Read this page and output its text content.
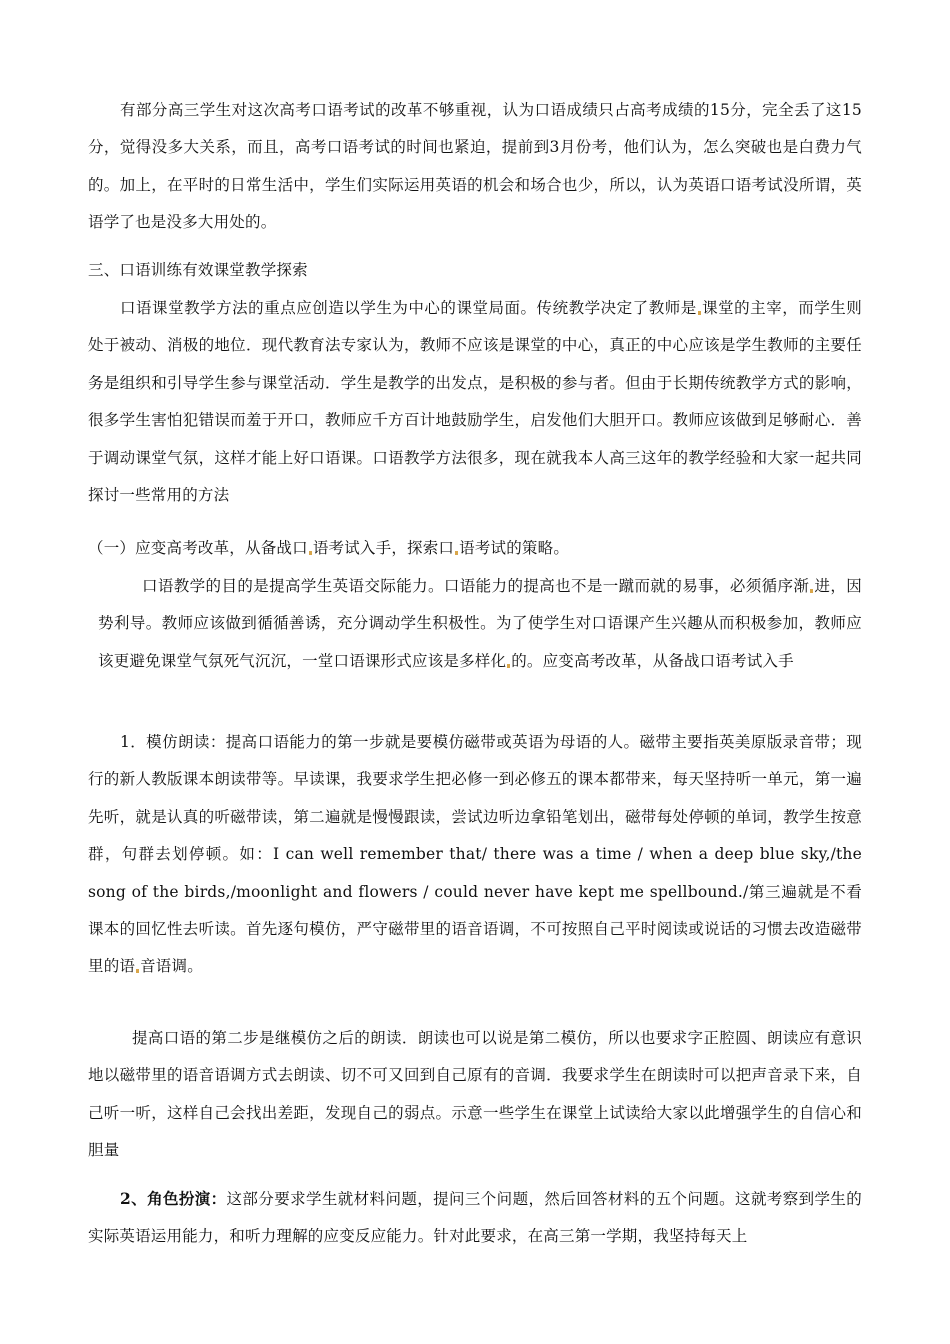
有部分高三学生对这次高考口语考试的改革不够重视，认为口语成绩只占高考成绩的15分，完全丢了这15分，觉得没多大关系，而且，高考口语考试的时间也紧迫，提前到3月份考，他们认为，怎么突破也是白费力气的。加上，在平时的日常生活中，学生们实际运用英语的机会和场合也少，所以，认为英语口语考试没所谓，英语学了也是没多大用处的。

三、口语训练有效课堂教学探索

口语课堂教学方法的重点应创造以学生为中心的课堂局面。传统教学决定了教师是 课堂的主宰，而学生则处于被动、消极的地位．现代教育法专家认为，教师不应该是课堂的中心，真正的中心应该是学生教师的主要任务是组织和引导学生参与课堂活动．学生是教学的出发点，是积极的参与者。但由于长期传统教学方式的影响，很多学生害怕犯错误而羞于开口，教师应千方百计地鼓励学生，启发他们大胆开口。教师应该做到足够耐心．善于调动课堂气氛，这样才能上好口语课。口语教学方法很多，现在就我本人高三这年的教学经验和大家一起共同探讨一些常用的方法

（一）应变高考改革，从备战口 语考试入手，探索口 语考试的策略。

口语教学的目的是提高学生英语交际能力。口语能力的提高也不是一蹴而就的易事，必须循序渐 进，因势利导。教师应该做到循循善诱，充分调动学生积极性。为了使学生对口语课产生兴趣从而积极参加，教师应该更避免课堂气氛死气沉沉，一堂口语课形式应该是多样化 的。应变高考改革，从备战口语考试入手

1．模仿朗读：提高口语能力的第一步就是要模仿磁带或英语为母语的人。磁带主要指英美原版录音带；现行的新人教版课本朗读带等。早读课，我要求学生把必修一到必修五的课本都带来，每天坚持听一单元，第一遍先听，就是认真的听磁带读，第二遍就是慢慢跟读，尝试边听边拿铅笔划出，磁带每处停顿的单词，教学生按意群，句群去划停顿。如：I can well remember that/ there was a time / when a deep blue sky,/the song of the birds,/moonlight and flowers / could never have kept me spellbound./第三遍就是不看课本的回忆性去听读。首先逐句模仿，严守磁带里的语音语调，不可按照自己平时阅读或说话的习惯去改造磁带里的语 音语调。

提高口语的第二步是继模仿之后的朗读．朗读也可以说是第二模仿，所以也要求字正腔圆、朗读应有意识地以磁带里的语音语调方式去朗读、切不可又回到自己原有的音调．我要求学生在朗读时可以把声音录下来，自己听一听，这样自己会找出差距，发现自己的弱点。示意一些学生在课堂上试读给大家以此增强学生的自信心和胆量

2、角色扮演：这部分要求学生就材料问题，提问三个问题，然后回答材料的五个问题。这就考察到学生的实际英语运用能力，和听力理解的应变反应能力。针对此要求，在高三第一学期，我坚持每天上
